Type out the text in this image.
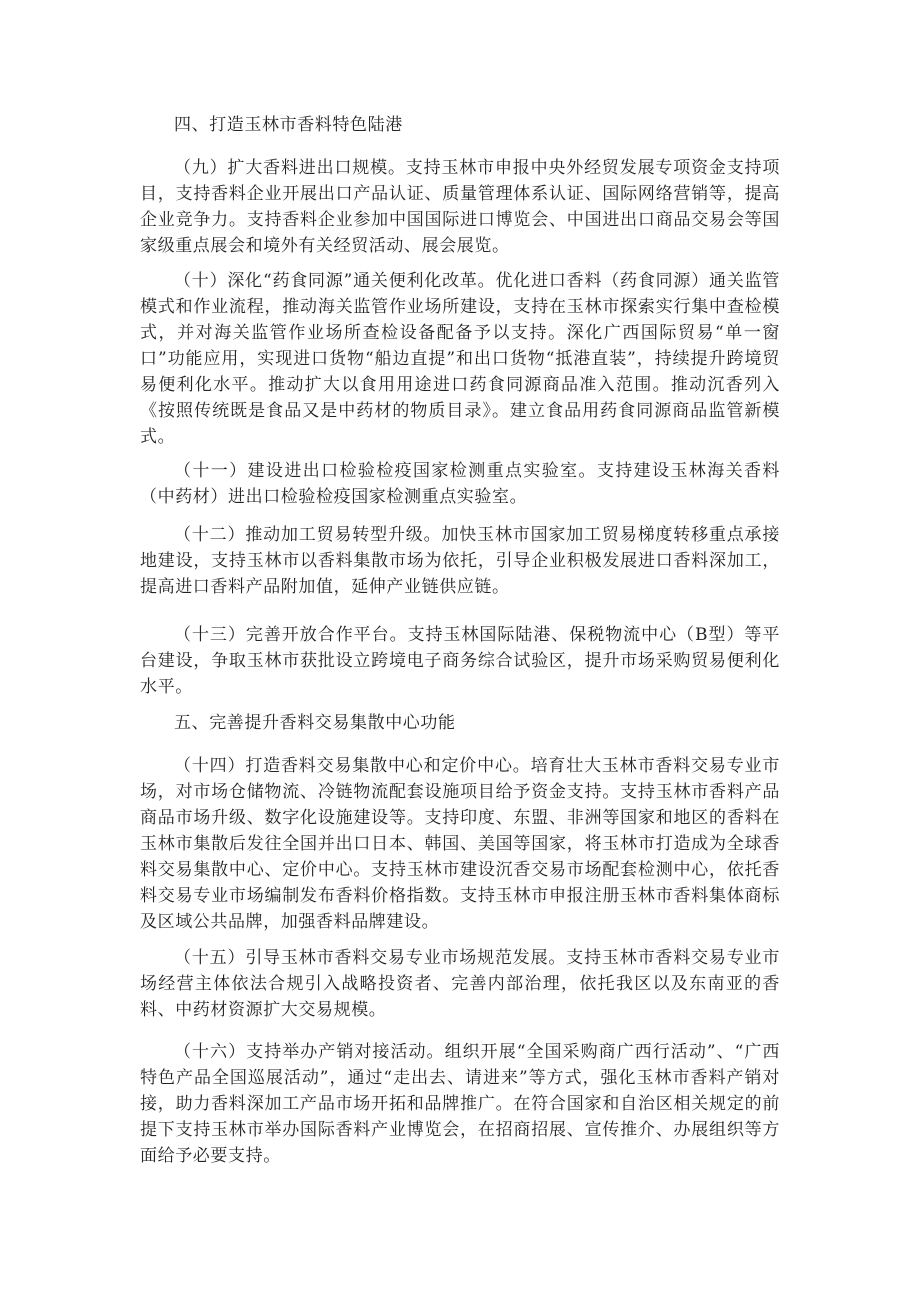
四、打造玉林市香料特色陆港

（九）扩大香料进出口规模。支持玉林市申报中央外经贸发展专项资金支持项目，支持香料企业开展出口产品认证、质量管理体系认证、国际网络营销等，提高企业竞争力。支持香料企业参加中国国际进口博览会、中国进出口商品交易会等国家级重点展会和境外有关经贸活动、展会展览。

（十）深化“药食同源”通关便利化改革。优化进口香料（药食同源）通关监管模式和作业流程，推动海关监管作业场所建设，支持在玉林市探索实行集中查检模式，并对海关监管作业场所查检设备配备予以支持。深化广西国际贸易“单一窗口”功能应用，实现进口货物“船边直提”和出口货物“抵港直装”，持续提升跨境贸易便利化水平。推动扩大以食用用途进口药食同源商品准入范围。推动沉香列入《按照传统既是食品又是中药材的物质目录》。建立食品用药食同源商品监管新模式。

（十一）建设进出口检验检疫国家检测重点实验室。支持建设玉林海关香料（中药材）进出口检验检疫国家检测重点实验室。

（十二）推动加工贸易转型升级。加快玉林市国家加工贸易梯度转移重点承接地建设，支持玉林市以香料集散市场为依托，引导企业积极发展进口香料深加工，提高进口香料产品附加值，延伸产业链供应链。

（十三）完善开放合作平台。支持玉林国际陆港、保税物流中心（B型）等平台建设，争取玉林市获批设立跨境电子商务综合试验区，提升市场采购贸易便利化水平。

五、完善提升香料交易集散中心功能

（十四）打造香料交易集散中心和定价中心。培育壮大玉林市香料交易专业市场，对市场仓储物流、冷链物流配套设施项目给予资金支持。支持玉林市香料产品商品市场升级、数字化设施建设等。支持印度、东盟、非洲等国家和地区的香料在玉林市集散后发往全国并出口日本、韩国、美国等国家，将玉林市打造成为全球香料交易集散中心、定价中心。支持玉林市建设沉香交易市场配套检测中心，依托香料交易专业市场编制发布香料价格指数。支持玉林市申报注册玉林市香料集体商标及区域公共品牌，加强香料品牌建设。

（十五）引导玉林市香料交易专业市场规范发展。支持玉林市香料交易专业市场经营主体依法合规引入战略投资者、完善内部治理，依托我区以及东南亚的香料、中药材资源扩大交易规模。

（十六）支持举办产销对接活动。组织开展“全国采购商广西行活动”、“广西特色产品全国巡展活动”，通过“走出去、请进来”等方式，强化玉林市香料产销对接，助力香料深加工产品市场开拓和品牌推广。在符合国家和自治区相关规定的前提下支持玉林市举办国际香料产业博览会，在招商招展、宣传推介、办展组织等方面给予必要支持。
